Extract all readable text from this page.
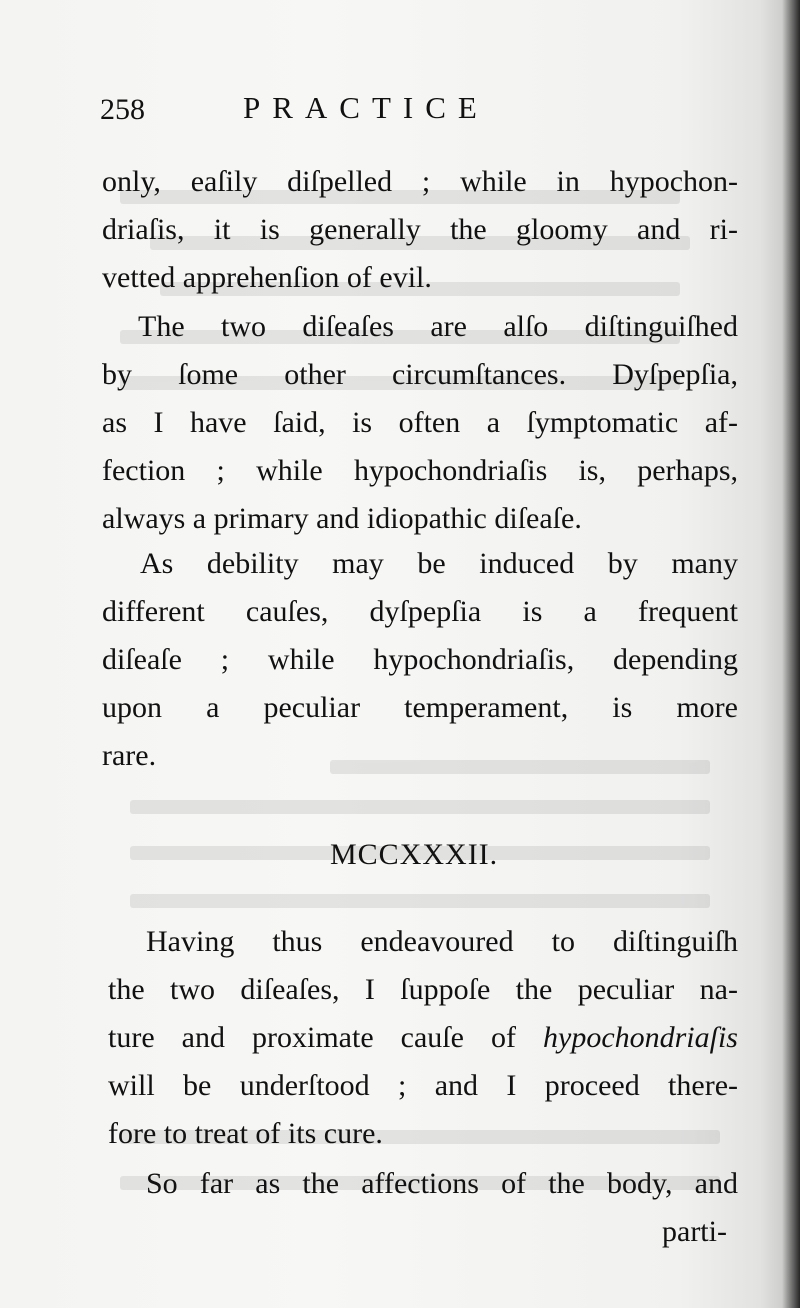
258	PRACTICE
only, eaſily diſpelled ; while in hypochon-
driaſis, it is generally the gloomy and ri-
vetted apprehenſion of evil.
The two diſeaſes are alſo diſtinguiſhed
by ſome other circumſtances. Dyſpepſia,
as I have ſaid, is often a ſymptomatic af-
fection ; while hypochondriaſis is, perhaps,
always a primary and idiopathic diſeaſe.
As debility may be induced by many
different cauſes, dyſpepſia is a frequent
diſeaſe ; while hypochondriaſis, depending
upon a peculiar temperament, is more
rare.
MCCXXXII.
Having thus endeavoured to diſtinguiſh
the two diſeaſes, I ſuppoſe the peculiar na-
ture and proximate cauſe of hypochondriaſis
will be underſtood ; and I proceed there-
fore to treat of its cure.
So far as the affections of the body, and
parti-
